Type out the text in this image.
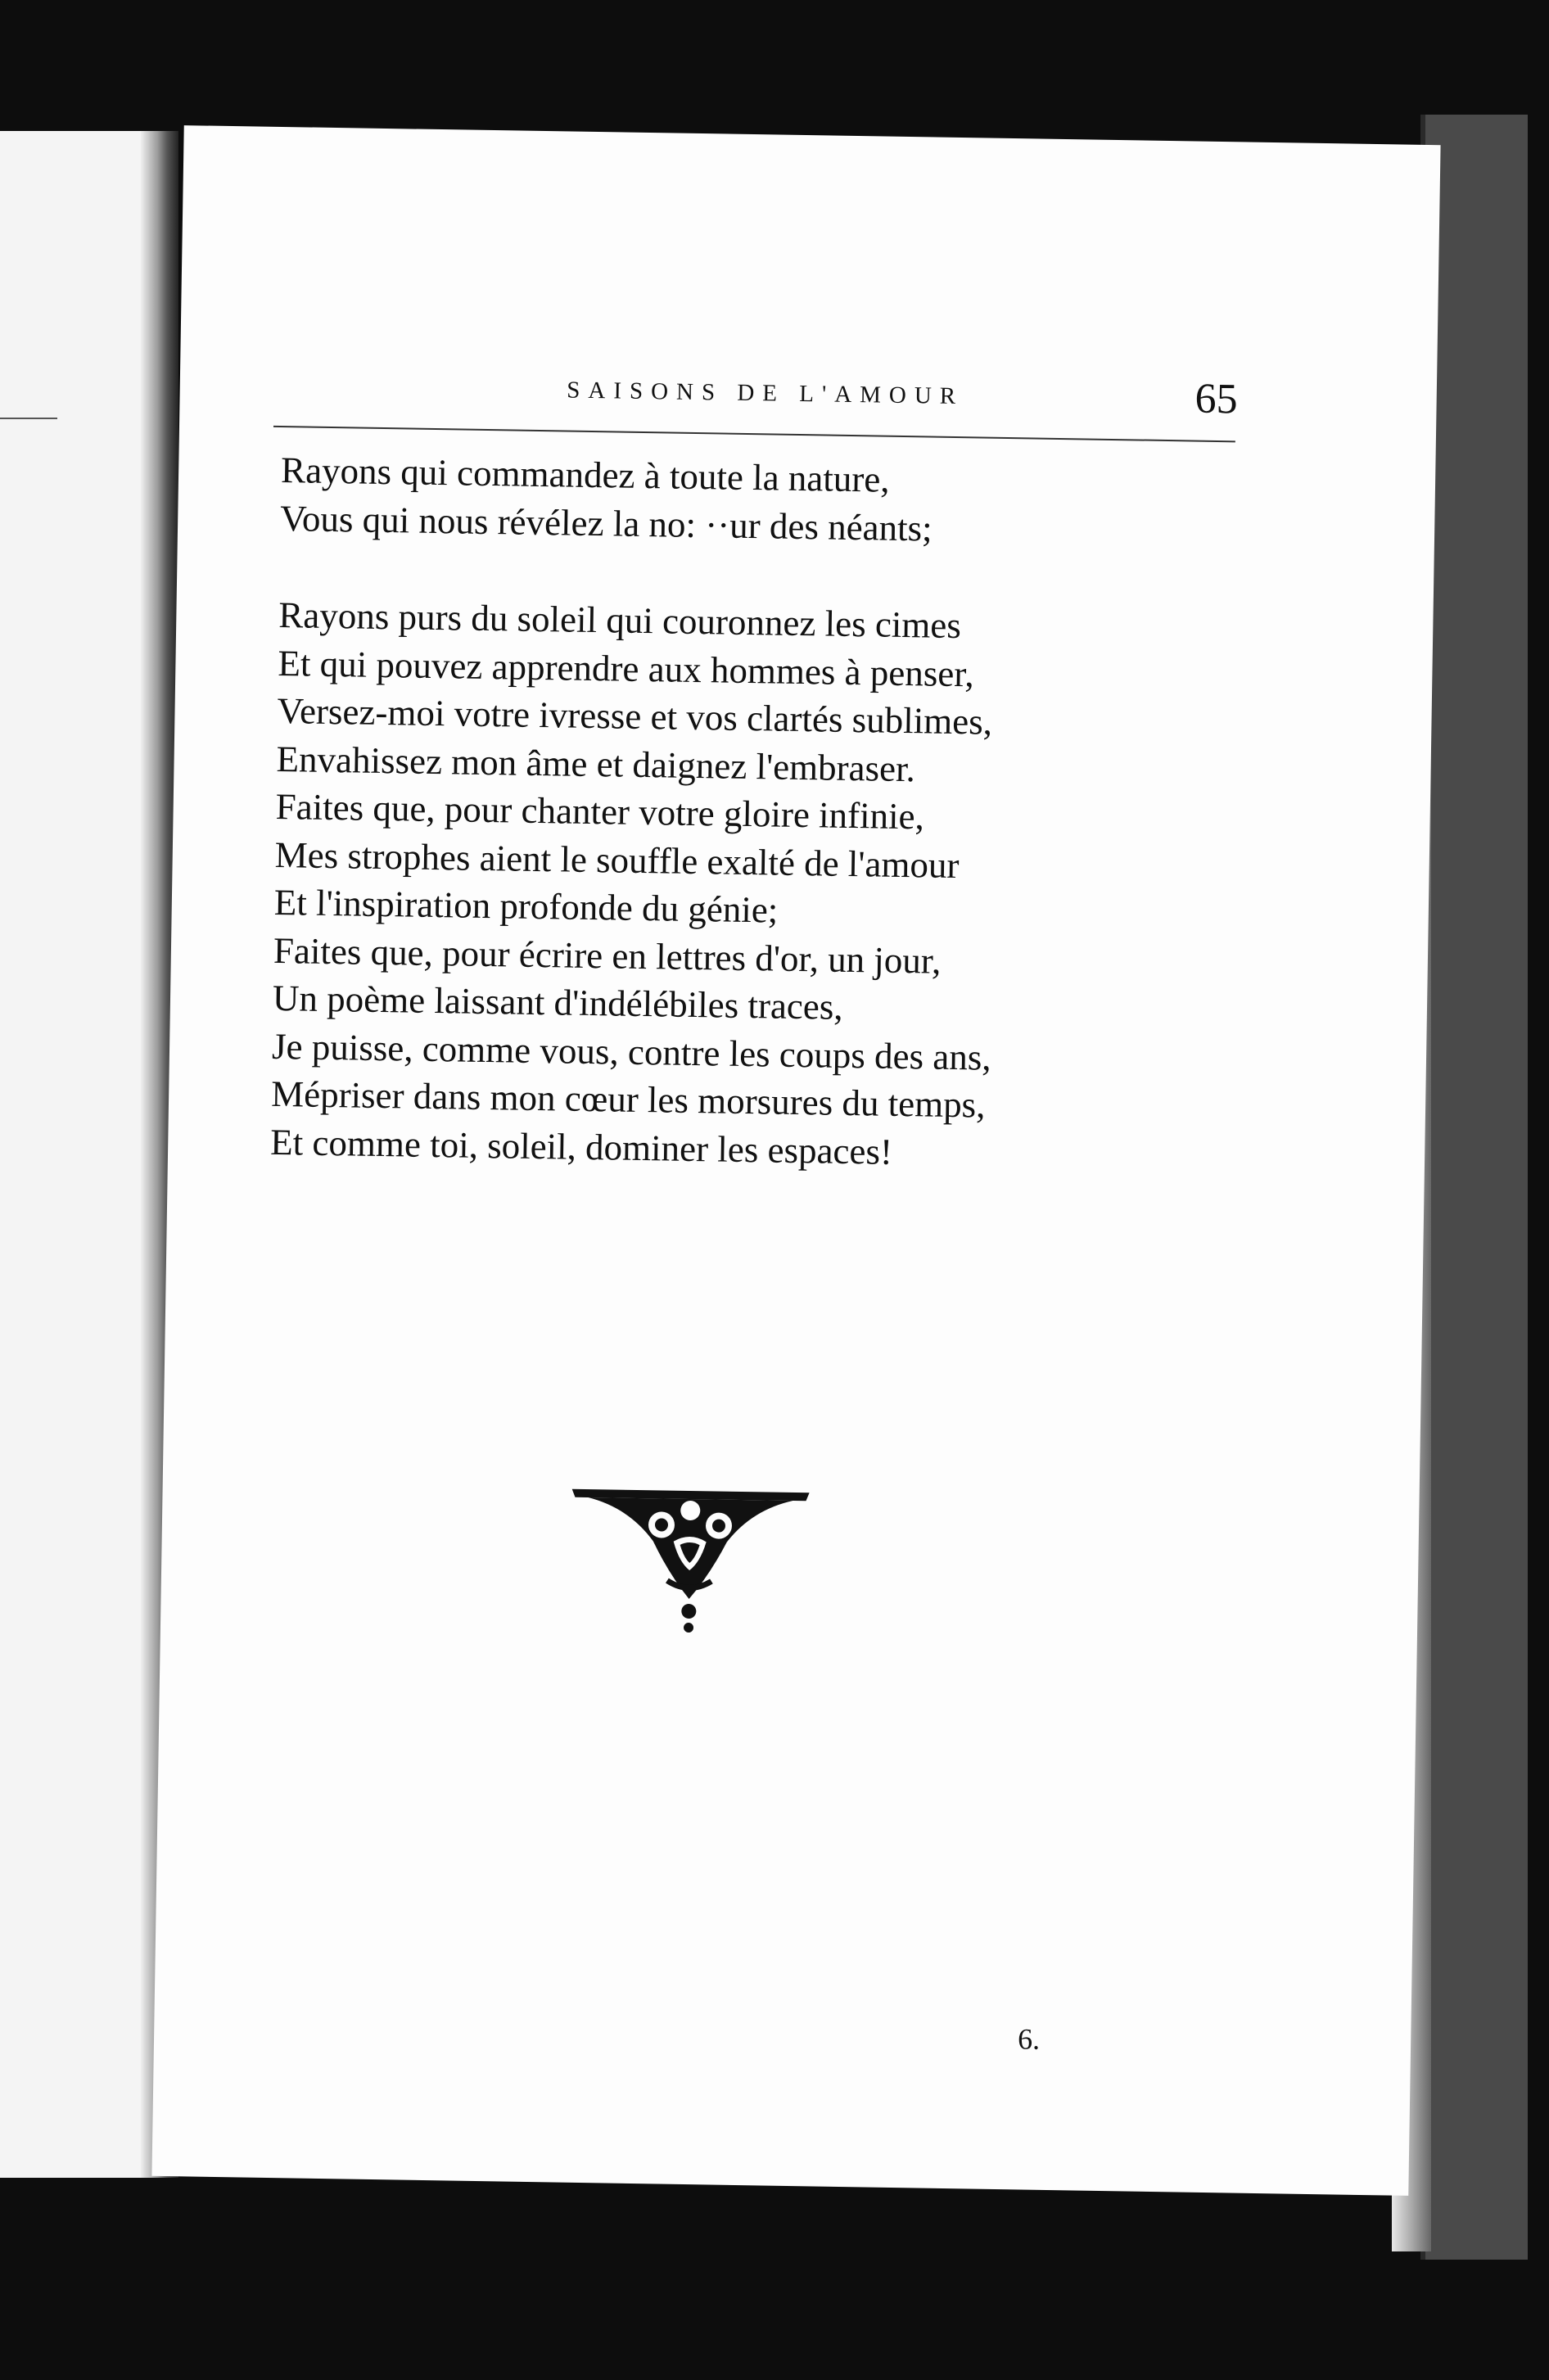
SAISONS DE L'AMOUR	65
Rayons qui commandez à toute la nature,
Vous qui nous révélez la no: ··ur des néants;
Rayons purs du soleil qui couronnez les cimes
Et qui pouvez apprendre aux hommes à penser,
Versez-moi votre ivresse et vos clartés sublimes,
Envahissez mon âme et daignez l'embraser.
Faites que, pour chanter votre gloire infinie,
Mes strophes aient le souffle exalté de l'amour
Et l'inspiration profonde du génie;
Faites que, pour écrire en lettres d'or, un jour,
Un poème laissant d'indélébiles traces,
Je puisse, comme vous, contre les coups des ans,
Mépriser dans mon cœur les morsures du temps,
Et comme toi, soleil, dominer les espaces!
6.
